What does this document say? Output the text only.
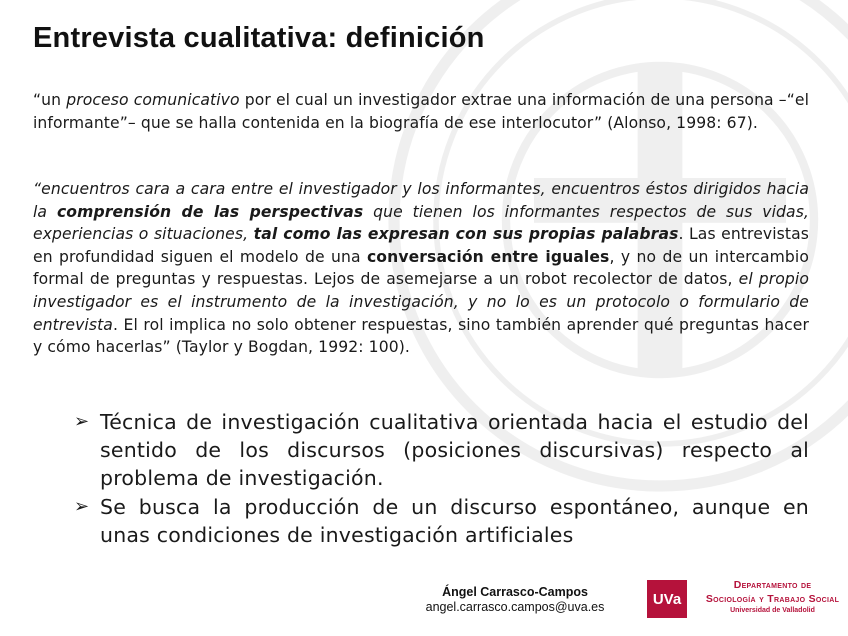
Entrevista cualitativa: definición
“un proceso comunicativo por el cual un investigador extrae una información de una persona –“el informante”– que se halla contenida en la biografía de ese interlocutor” (Alonso, 1998: 67).
“encuentros cara a cara entre el investigador y los informantes, encuentros éstos dirigidos hacia la comprensión de las perspectivas que tienen los informantes respectos de sus vidas, experiencias o situaciones, tal como las expresan con sus propias palabras. Las entrevistas en profundidad siguen el modelo de una conversación entre iguales, y no de un intercambio formal de preguntas y respuestas. Lejos de asemejarse a un robot recolector de datos, el propio investigador es el instrumento de la investigación, y no lo es un protocolo o formulario de entrevista. El rol implica no solo obtener respuestas, sino también aprender qué preguntas hacer y cómo hacerlas” (Taylor y Bogdan, 1992: 100).
➢ Técnica de investigación cualitativa orientada hacia el estudio del sentido de los discursos (posiciones discursivas) respecto al problema de investigación.
➢ Se busca la producción de un discurso espontáneo, aunque en unas condiciones de investigación artificiales
Ángel Carrasco-Campos
angel.carrasco.campos@uva.es	UVa
Departamento de
Sociología y Trabajo Social
Universidad de Valladolid
